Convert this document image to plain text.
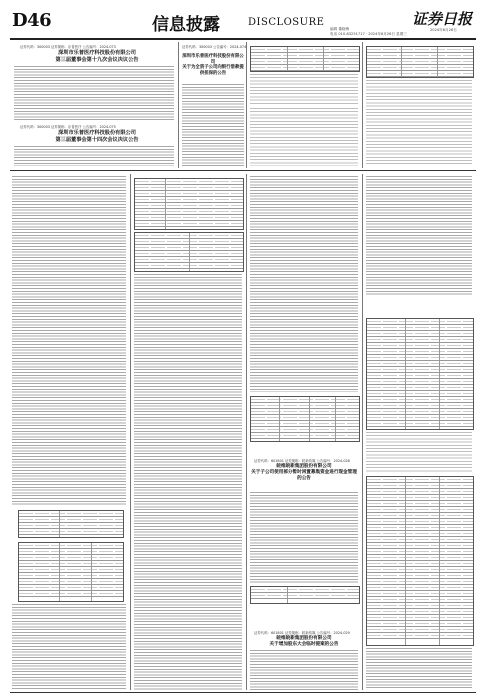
D46	信息披露	DISCLOSURE
编辑 董晓梅
电话 010-83251717 · 2024年6月26日 星期三
证券日报
2024年6月26日
证券代码：300003 证券简称：乐普医疗 公告编号：2024-073
深圳市乐普医疗科技股份有限公司
第三届董事会第十九次会议决议公告
证券代码：300003 证券简称：乐普医疗 公告编号：2024-075
深圳市乐普医疗科技股份有限公司
第三届董事会第十四次会议决议公告
证券代码：300003 公告编号：2024-074
深圳市乐普医疗科技股份有限公司
关于为全资子公司向银行借款提供担保的公告
证券代码：601801 证券简称：皖新传媒 公告编号：2024-028
皖维皖新集团股份有限公司
关于子公司使用部分暂时闲置募集资金进行现金管理的公告
证券代码：601801 证券简称：皖新传媒 公告编号：2024-029
皖维皖新集团股份有限公司
关于增加股东大会临时提案的公告
